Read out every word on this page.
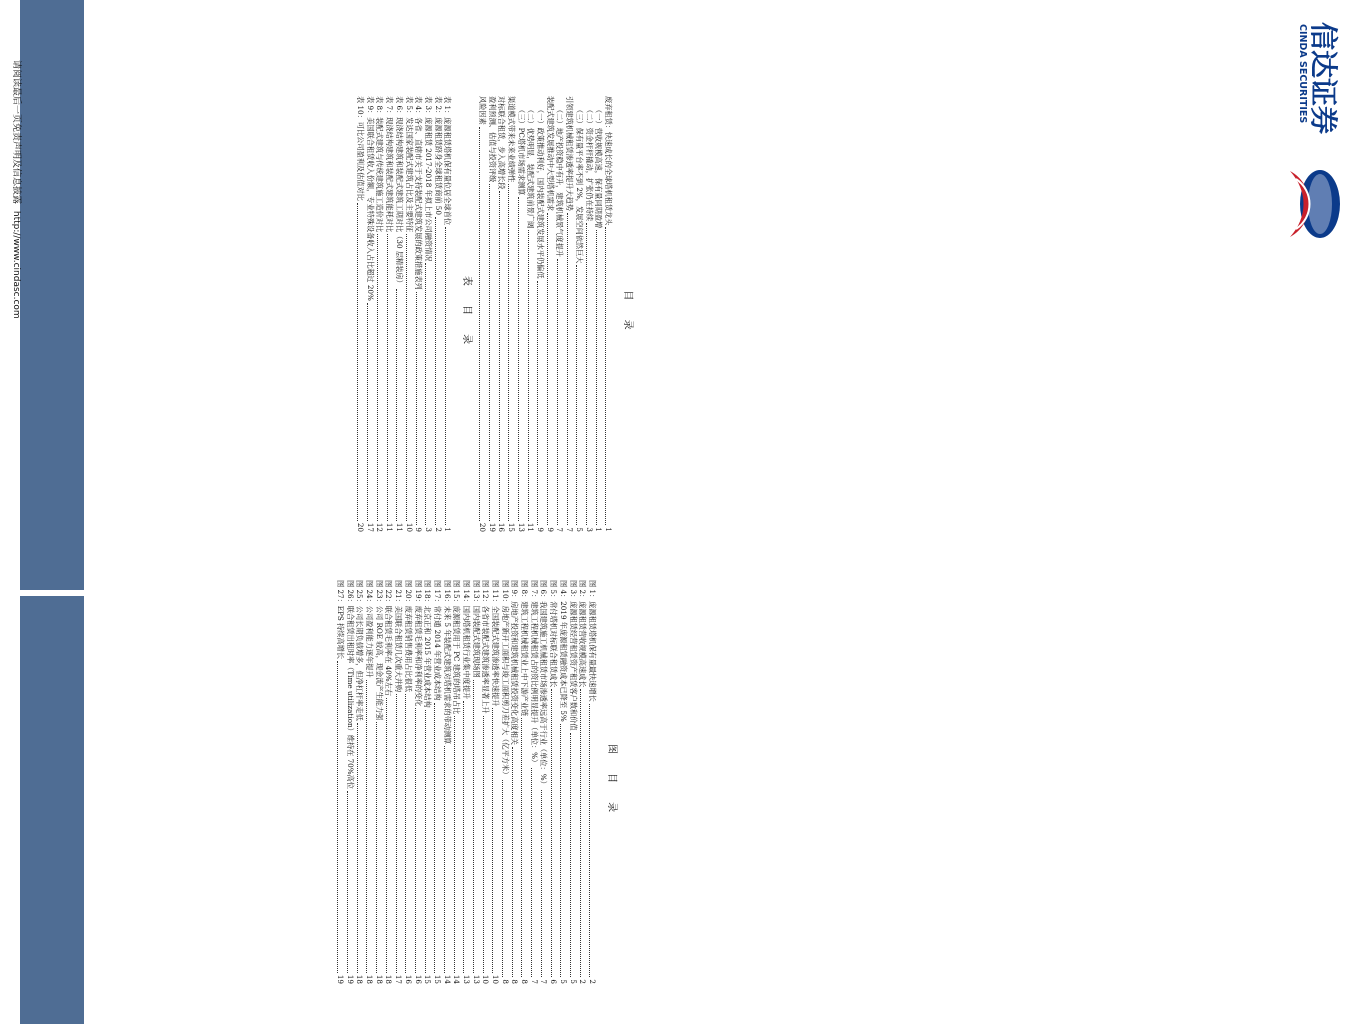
信达证券
CINDA SECURITIES
目 录
废弃租赁：快速成长的全球塔机租赁龙头
1
（一）营收规模高速，保有量同期盈增
1
（二）资金杆杆撬动，扩张仍在持续
3
（三）保有量平台率不到 2%，发展空间依然巨大
5
引领建筑机械租赁渗透率提升大趋势
7
（二）地产投资稳中有升，建筑机械景气度提升
7
装配式建筑发展推动中大型塔机需求
9
（一）政策推动利好，国内装配式建筑发展水平仍偏低
9
（二）优势明显，装配式建筑前景广阔
11
（三）PC塔机市场需求测算
13
渠道模式带来未来业绩弹性
15
对标联合租赁，步入高增长段
16
盈利预测、估值与投资评级
19
风险因素
20
表 目 录
表 1：庞源租赁塔机保有量位居全球首位
1
表 2：庞源租赁跻身全球租赁商前 50
2
表 3：庞源租赁 2017-2018 年拟上市公司融资情况
3
表 4：各省、直辖市关于支持装配式建筑发展的政策措施表列
9
表 5：发达国家装配式建筑占比及主要特征
10
表 6：现浇结构建筑和装配式建筑工期对比（30 层精装房）
11
表 7：现浇结构建筑和装配式建筑能耗对比
11
表 8：装配式建筑与传统建筑施工造价对比
12
表 9：美国联合租赁收入份额，专业特殊设备收入占比超过 20%
17
表 10：可比公司盈利及估值对比
20
图 目 录
图 1：庞源租赁塔机保有量最快速增长
2
图 2：庞源租赁营收规模高速成长
2
图 3：庞源租赁经营租赁资产租赁客户数和价值
5
图 4：2019 年庞源租赁融资成本已降至 5%
5
图 5：常付塔机对标联合租赁成长
6
图 6：我国建筑施工机械租赁市场渗透率远高于行业（单位：%）
7
图 7：建筑工程机械租赁占的资比例明显提升（单位：%）
7
图 8：建筑工程机械租赁业上中下游产业链
8
图 9：房地产投资和建筑机械租赁投资变化高度相关
8
图 10：房地产新开工面积与竣工面积剪刀差扩大（亿平方米）
8
图 11：全国装配式建筑渗透率快速提升
10
图 12：各省市装配式建筑渗透率显著上升
10
图 13：国内装配式建筑现场图
13
图 14：国内塔机租赁行业集中度提升
13
图 15：庞源租赁用于 PC 建筑的塔吊占比
14
图 16：未来 5 年装配式建筑对塔机需求的带动测算
14
图 17：常付通 2014 年营业成本结构
15
图 18：北京正和 2015 年营业成本结构
15
图 19：废弃租赁毛利率和净利率的变化
16
图 20：废弃租赁销售费用占比很低
16
图 21：美国联合租赁几次重大并购
17
图 22：联合租赁毛利率在 40%左右
18
图 23：公司 ROE 较高，现金流产生能力强
18
图 24：公司盈利能力逐年提升
18
图 25：公司长期负债增多，但净杠杆率走低
18
图 26：联合租赁出租时率（Time utilization）维持在 70%高位
19
图 27：EPS 持续高增长
19
请阅读最后一页免责声明及信息披露 http://www.cindasc.com
